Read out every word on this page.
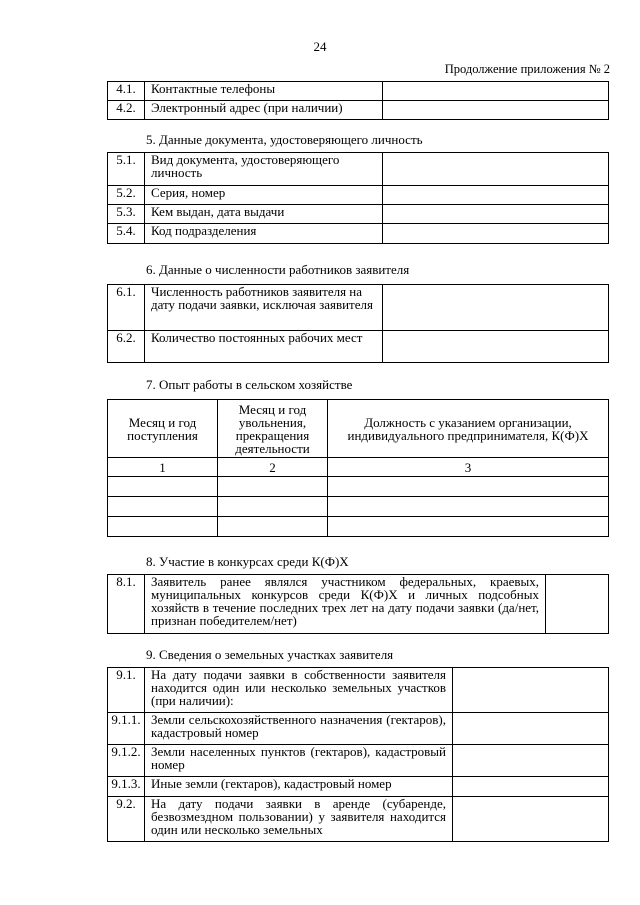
24
Продолжение приложения № 2
4.1.	Контактные телефоны	
4.2.	Электронный адрес (при наличии)	
5. Данные документа, удостоверяющего личность
5.1.	Вид документа, удостоверяющего личность	
5.2.	Серия, номер	
5.3.	Кем выдан, дата выдачи	
5.4.	Код подразделения	
6. Данные о численности работников заявителя
6.1.	Численность работников заявителя на дату подачи заявки, исключая заявителя	
6.2.	Количество постоянных рабочих мест	
7. Опыт работы в сельском хозяйстве
Месяц и год поступления	Месяц и год увольнения, прекращения деятельности	Должность с указанием организации, индивидуального предпринимателя, К(Ф)Х
1	2	3

8. Участие в конкурсах среди К(Ф)Х
8.1.	Заявитель ранее являлся участником федеральных, краевых, муниципальных конкурсов среди К(Ф)Х и личных подсобных хозяйств в течение последних трех лет на дату подачи заявки (да/нет, признан победителем/нет)	
9. Сведения о земельных участках заявителя
9.1.	На дату подачи заявки в собственности заявителя находится один или несколько земельных участков (при наличии):	
9.1.1.	Земли сельскохозяйственного назначения (гектаров), кадастровый номер	
9.1.2.	Земли населенных пунктов (гектаров), кадастровый номер	
9.1.3.	Иные земли (гектаров), кадастровый номер	
9.2.	На дату подачи заявки в аренде (субаренде, безвозмездном пользовании) у заявителя находится один или несколько земельных	
